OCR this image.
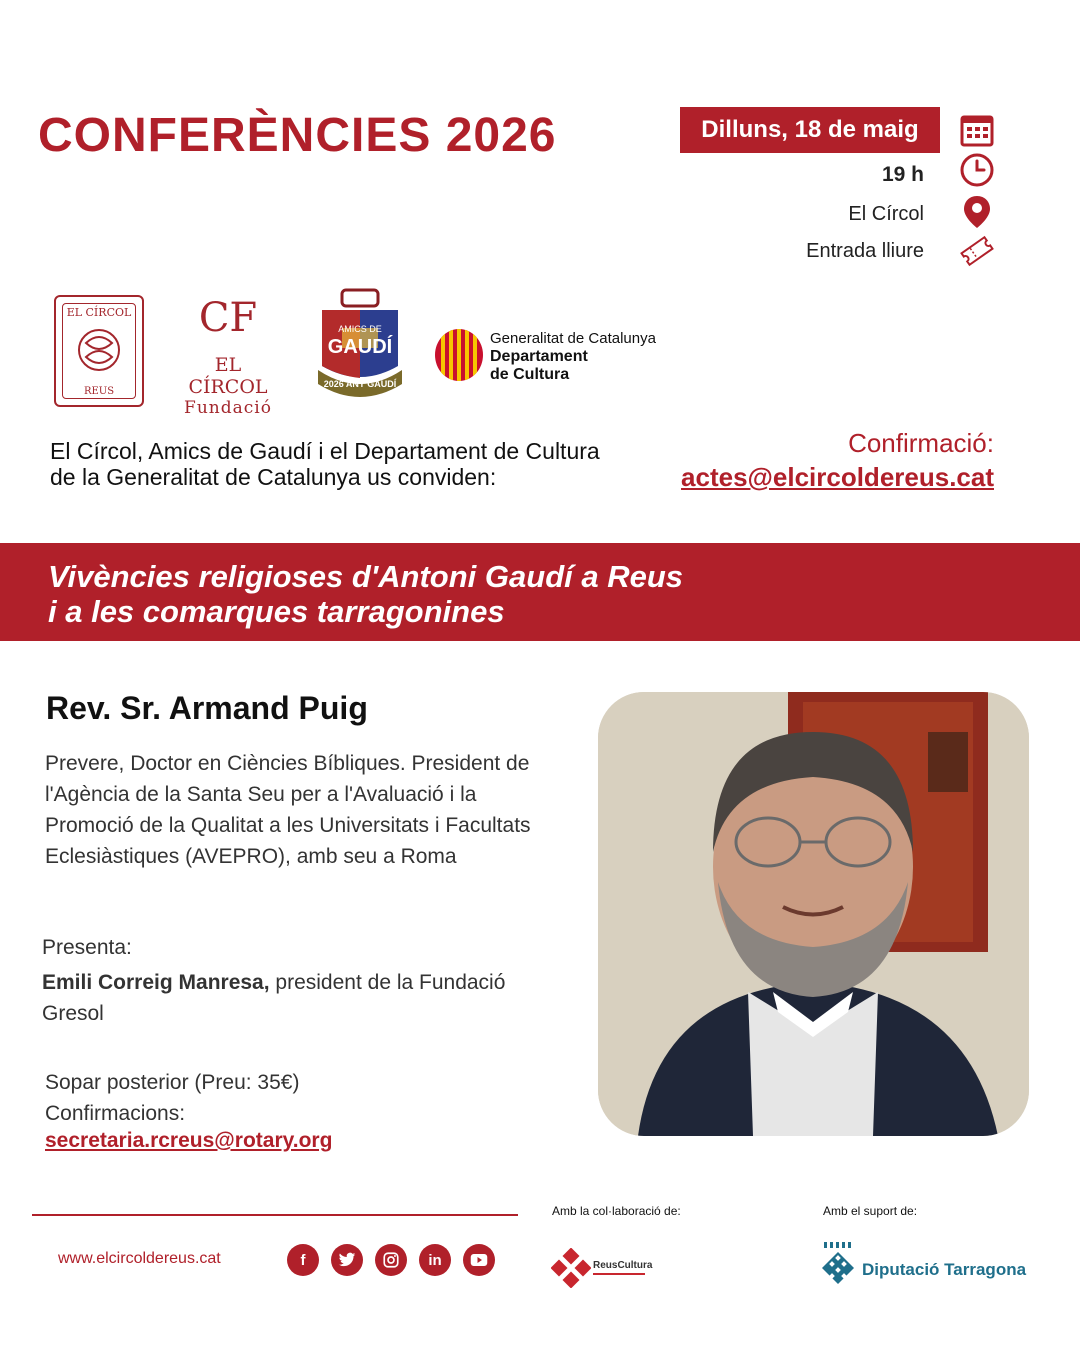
CONFERÈNCIES 2026	Dilluns, 18 de maig
19 h
El Círcol
Entrada lliure
EL CÍRCOL
REUS
CF
EL CÍRCOL
Fundació
AMICS DE
GAUDÍ
2026 ANY GAUDÍ
Generalitat de Catalunya
Departament
de Cultura

El Círcol, Amics de Gaudí i el Departament de Cultura de la Generalitat de Catalunya us conviden:

Confirmació:
actes@elcircoldereus.cat
Vivències religioses d'Antoni Gaudí a Reus
i a les comarques tarragonines
Rev. Sr. Armand Puig

Prevere, Doctor en Ciències Bíbliques. President de l'Agència de la Santa Seu per a l'Avaluació i la Promoció de la Qualitat a les Universitats i Facultats Eclesiàstiques (AVEPRO), amb seu a Roma

Presenta:

Emili Correig Manresa, president de la Fundació Gresol

Sopar posterior (Preu: 35€)
Confirmacions:
secretaria.rcreus@rotary.org
www.elcircoldereus.cat	f	in
Amb la col·laboració de:	Amb el suport de:
ReusCultura	Diputació Tarragona
